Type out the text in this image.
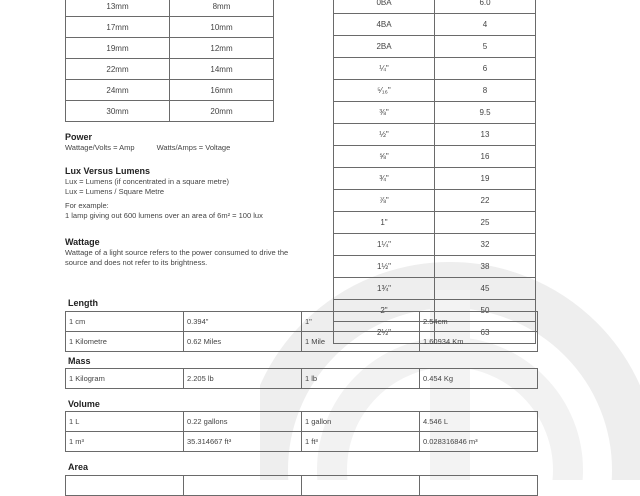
13mm	8mm
17mm	10mm
19mm	12mm
22mm	14mm
24mm	16mm
30mm	20mm
0BA	6.0
4BA	4
2BA	5
¼"	6
⁵⁄₁₆"	8
⅜"	9.5
½"	13
⅝"	16
¾"	19
⅞"	22
1"	25
1¼"	32
1½"	38
1¾"	45
2"	50
2½"	63
Power

Wattage/Volts = Amp	Watts/Amps = Voltage

Lux Versus Lumens

Lux = Lumens (if concentrated in a square metre)

Lux = Lumens / Square Metre

For example:

1 lamp giving out 600 lumens over an area of 6m² = 100 lux

Wattage

Wattage of a light source refers to the power consumed to drive the source and does not refer to its brightness.

Length
1 cm	0.394"	1"	2.54cm
1 Kilometre	0.62 Miles	1 Mile	1.60934 Km
Mass
1 Kilogram	2.205 lb	1 lb	0.454 Kg
Volume
1 L	0.22 gallons	1 gallon	4.546 L
1 m³	35.314667 ft³	1 ft³	0.028316846 m³
Area
